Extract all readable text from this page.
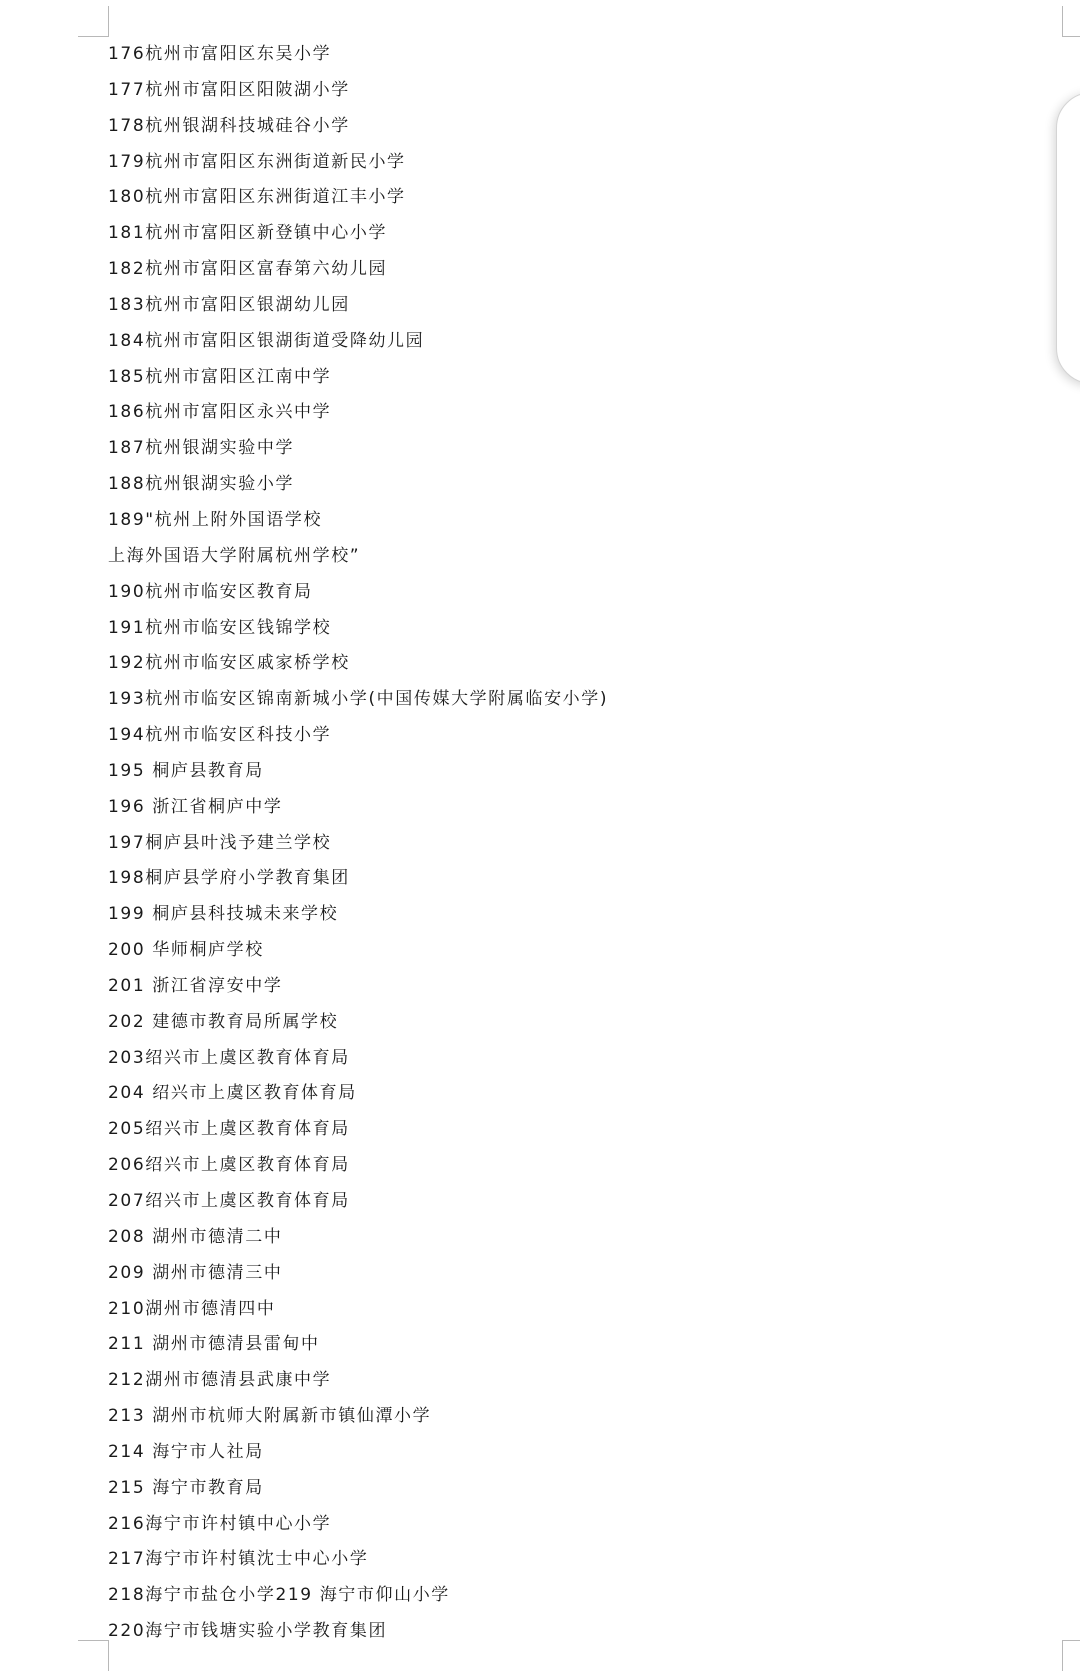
176杭州市富阳区东吴小学
177杭州市富阳区阳陂湖小学
178杭州银湖科技城硅谷小学
179杭州市富阳区东洲街道新民小学
180杭州市富阳区东洲街道江丰小学
181杭州市富阳区新登镇中心小学
182杭州市富阳区富春第六幼儿园
183杭州市富阳区银湖幼儿园
184杭州市富阳区银湖街道受降幼儿园
185杭州市富阳区江南中学
186杭州市富阳区永兴中学
187杭州银湖实验中学
188杭州银湖实验小学
189"杭州上附外国语学校
上海外国语大学附属杭州学校”
190杭州市临安区教育局
191杭州市临安区钱锦学校
192杭州市临安区戚家桥学校
193杭州市临安区锦南新城小学(中国传媒大学附属临安小学)
194杭州市临安区科技小学
195 桐庐县教育局
196 浙江省桐庐中学
197桐庐县叶浅予建兰学校
198桐庐县学府小学教育集团
199 桐庐县科技城未来学校
200 华师桐庐学校
201 浙江省淳安中学
202 建德市教育局所属学校
203绍兴市上虞区教育体育局
204 绍兴市上虞区教育体育局
205绍兴市上虞区教育体育局
206绍兴市上虞区教育体育局
207绍兴市上虞区教育体育局
208 湖州市德清二中
209 湖州市德清三中
210湖州市德清四中
211 湖州市德清县雷甸中
212湖州市德清县武康中学
213 湖州市杭师大附属新市镇仙潭小学
214 海宁市人社局
215 海宁市教育局
216海宁市许村镇中心小学
217海宁市许村镇沈士中心小学
218海宁市盐仓小学219 海宁市仰山小学
220海宁市钱塘实验小学教育集团
